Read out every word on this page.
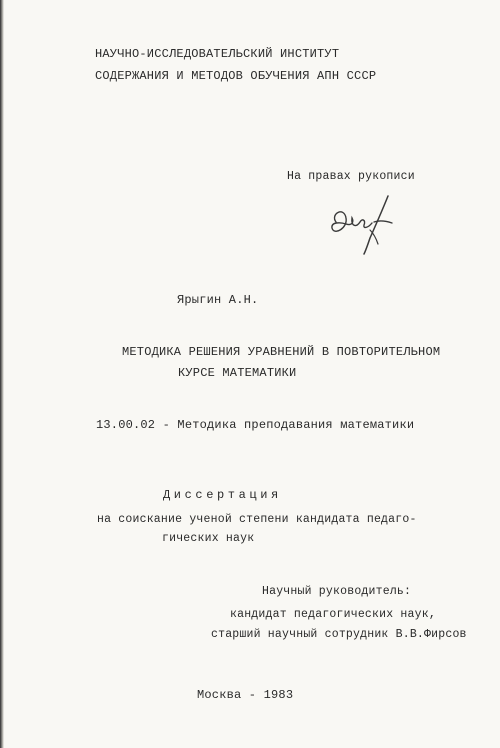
НАУЧНО-ИССЛЕДОВАТЕЛЬСКИЙ ИНСТИТУТ
СОДЕРЖАНИЯ И МЕТОДОВ ОБУЧЕНИЯ АПН СССР
На правах рукописи
Ярыгин А.Н.
МЕТОДИКА РЕШЕНИЯ УРАВНЕНИЙ В ПОВТОРИТЕЛЬНОМ
КУРСЕ МАТЕМАТИКИ
13.00.02 - Методика преподавания математики
Диссертация
на соискание ученой степени кандидата педаго-
гических наук
Научный руководитель:
кандидат педагогических наук,
старший научный сотрудник В.В.Фирсов
Москва - 1983
